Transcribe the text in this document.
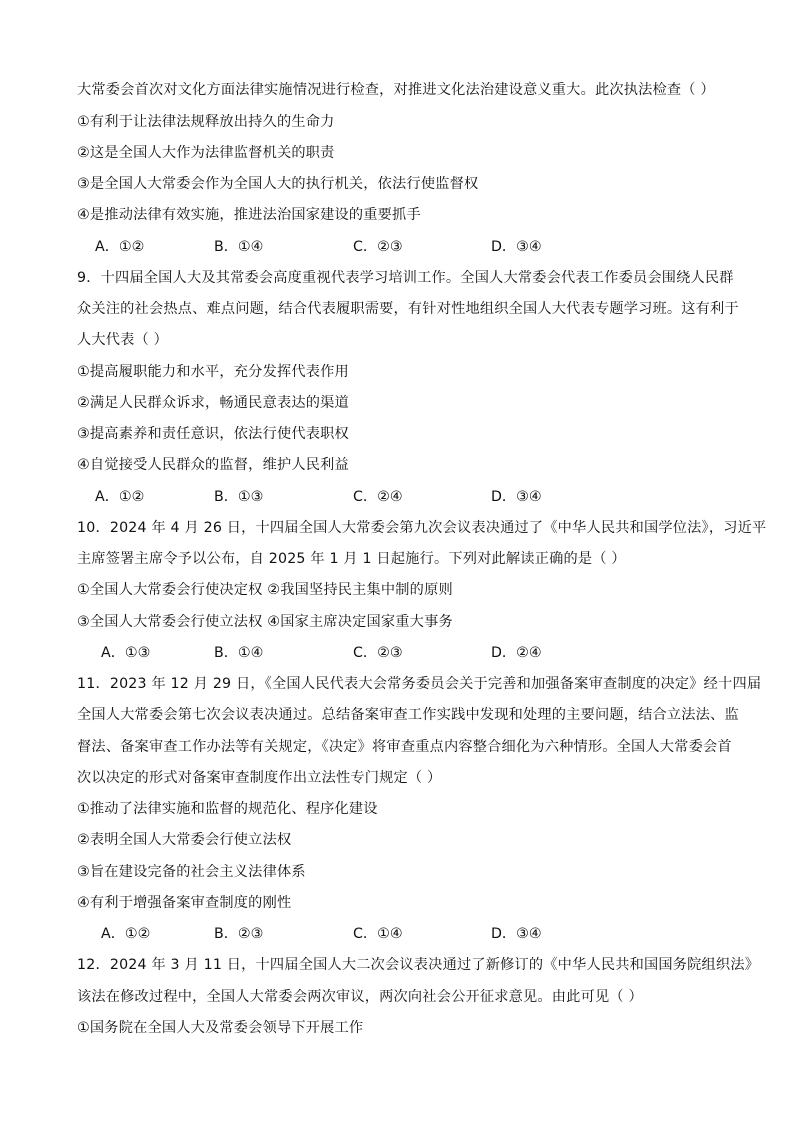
大常委会首次对文化方面法律实施情况进行检查，对推进文化法治建设意义重大。此次执法检查（ ）
①有利于让法律法规释放出持久的生命力
②这是全国人大作为法律监督机关的职责
③是全国人大常委会作为全国人大的执行机关，依法行使监督权
④是推动法律有效实施，推进法治国家建设的重要抓手
A．①②	B．①④	C．②③	D．③④
9．十四届全国人大及其常委会高度重视代表学习培训工作。全国人大常委会代表工作委员会围绕人民群
众关注的社会热点、难点问题，结合代表履职需要，有针对性地组织全国人大代表专题学习班。这有利于
人大代表（ ）
①提高履职能力和水平，充分发挥代表作用
②满足人民群众诉求，畅通民意表达的渠道
③提高素养和责任意识，依法行使代表职权
④自觉接受人民群众的监督，维护人民利益
A．①②	B．①③	C．②④	D．③④
10．2024 年 4 月 26 日，十四届全国人大常委会第九次会议表决通过了《中华人民共和国学位法》，习近平
主席签署主席令予以公布，自 2025 年 1 月 1 日起施行。下列对此解读正确的是（ ）
①全国人大常委会行使决定权 ②我国坚持民主集中制的原则
③全国人大常委会行使立法权 ④国家主席决定国家重大事务
A．①③	B．①④	C．②③	D．②④
11．2023 年 12 月 29 日，《全国人民代表大会常务委员会关于完善和加强备案审查制度的决定》经十四届
全国人大常委会第七次会议表决通过。总结备案审查工作实践中发现和处理的主要问题，结合立法法、监
督法、备案审查工作办法等有关规定，《决定》将审查重点内容整合细化为六种情形。全国人大常委会首
次以决定的形式对备案审查制度作出立法性专门规定（ ）
①推动了法律实施和监督的规范化、程序化建设
②表明全国人大常委会行使立法权
③旨在建设完备的社会主义法律体系
④有利于增强备案审查制度的刚性
A．①②	B．②③	C．①④	D．③④
12．2024 年 3 月 11 日，十四届全国人大二次会议表决通过了新修订的《中华人民共和国国务院组织法》
该法在修改过程中，全国人大常委会两次审议，两次向社会公开征求意见。由此可见（ ）
①国务院在全国人大及常委会领导下开展工作
